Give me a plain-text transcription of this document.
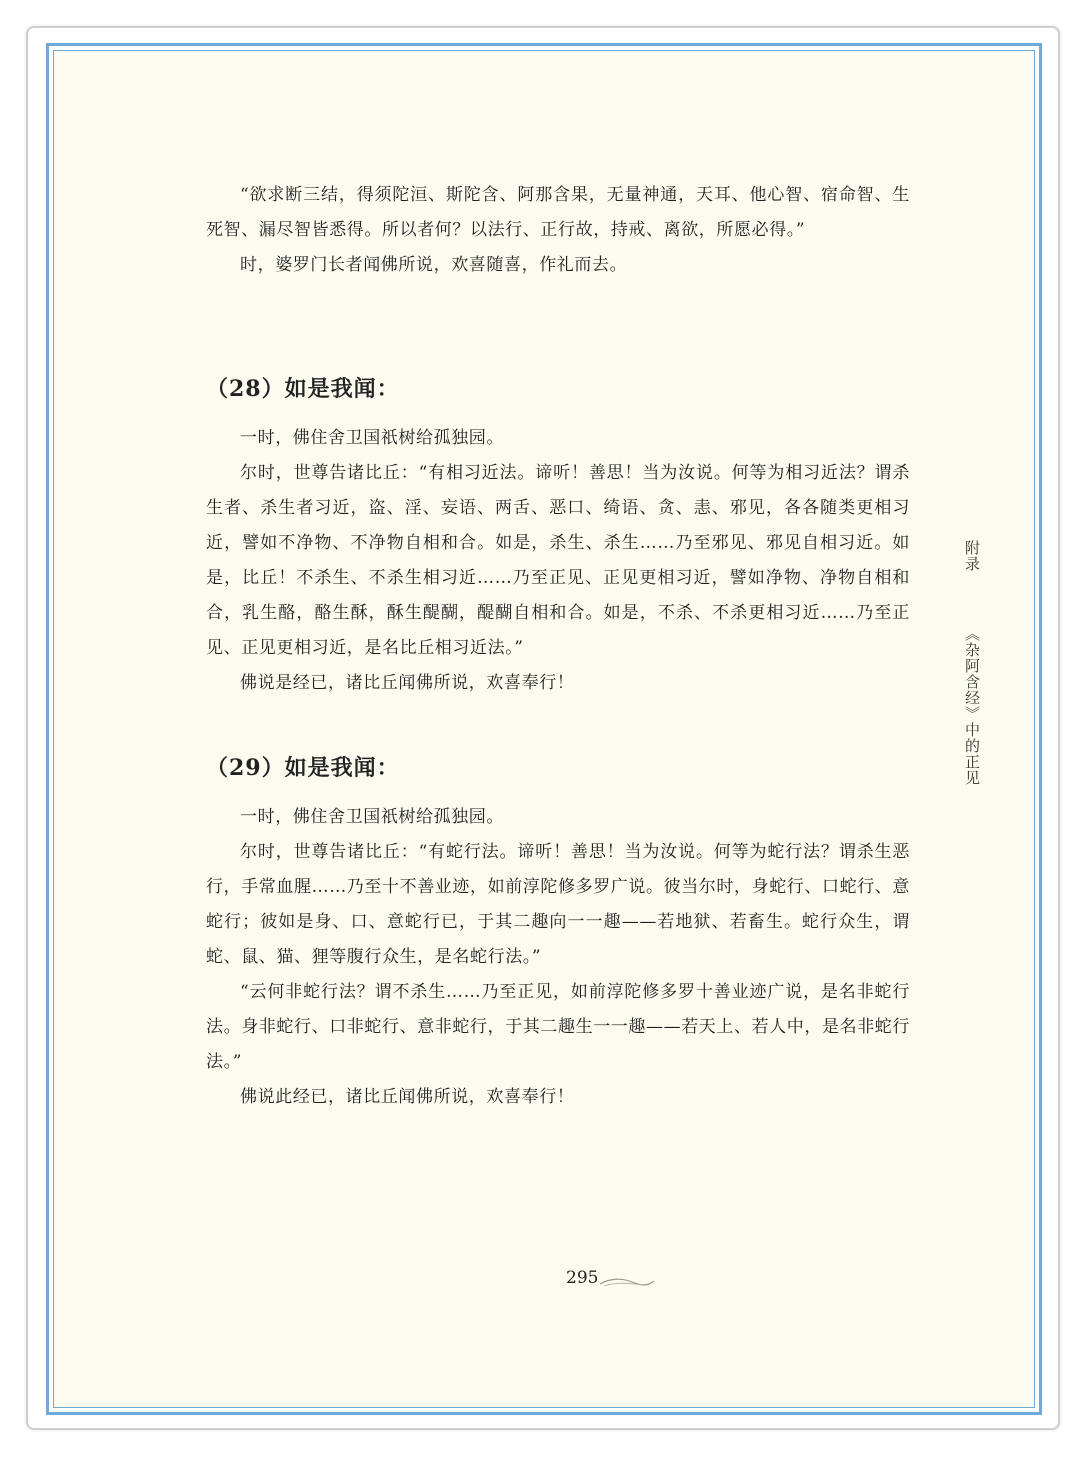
“欲求断三结，得须陀洹、斯陀含、阿那含果，无量神通，天耳、他心智、宿命智、生死智、漏尽智皆悉得。所以者何？以法行、正行故，持戒、离欲，所愿必得。”

时，婆罗门长者闻佛所说，欢喜随喜，作礼而去。

（28）如是我闻：

一时，佛住舍卫国祇树给孤独园。

尔时，世尊告诸比丘：“有相习近法。谛听！善思！当为汝说。何等为相习近法？谓杀生者、杀生者习近，盗、淫、妄语、两舌、恶口、绮语、贪、恚、邪见，各各随类更相习近，譬如不净物、不净物自相和合。如是，杀生、杀生……乃至邪见、邪见自相习近。如是，比丘！不杀生、不杀生相习近……乃至正见、正见更相习近，譬如净物、净物自相和合，乳生酪，酪生酥，酥生醍醐，醍醐自相和合。如是，不杀、不杀更相习近……乃至正见、正见更相习近，是名比丘相习近法。”

佛说是经已，诸比丘闻佛所说，欢喜奉行！

（29）如是我闻：

一时，佛住舍卫国祇树给孤独园。

尔时，世尊告诸比丘：“有蛇行法。谛听！善思！当为汝说。何等为蛇行法？谓杀生恶行，手常血腥……乃至十不善业迹，如前淳陀修多罗广说。彼当尔时，身蛇行、口蛇行、意蛇行；彼如是身、口、意蛇行已，于其二趣向一一趣——若地狱、若畜生。蛇行众生，谓蛇、鼠、猫、狸等腹行众生，是名蛇行法。”

“云何非蛇行法？谓不杀生……乃至正见，如前淳陀修多罗十善业迹广说，是名非蛇行法。身非蛇行、口非蛇行、意非蛇行，于其二趣生一一趣——若天上、若人中，是名非蛇行法。”

佛说此经已，诸比丘闻佛所说，欢喜奉行！

附录
《杂阿含经》中的正见
295
